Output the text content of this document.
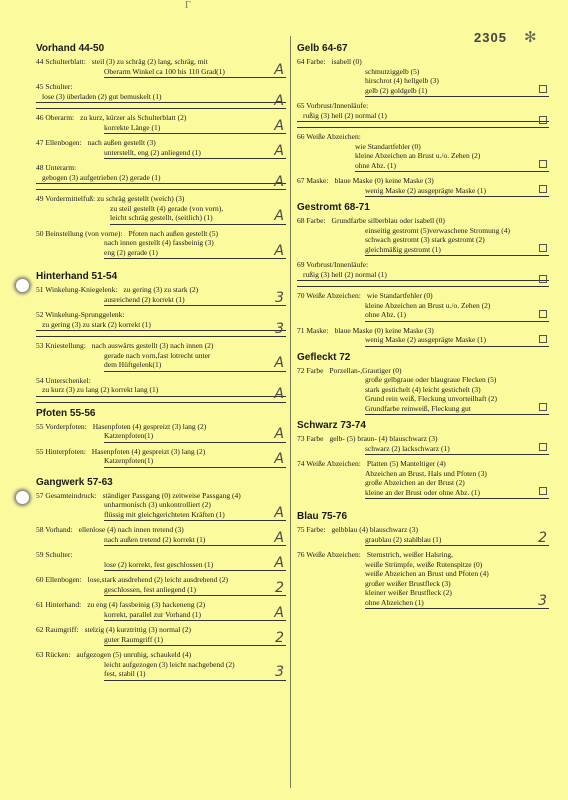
Γ
2305 ✻
Vorhand 44-50
44 Schulterblatt: steil (3) zu schräg (2) lang, schräg, mit
Oberarm Winkel ca 100 bis 110 Grad(1)	A
45 Schulter:
lose (3) überladen (2) gut bemuskelt (1)	A
46 Oberarm: zu kurz, kürzer als Schulterblatt (2)
korrekte Länge (1)	A
47 Ellenbogen: nach außen gestellt (3)
unterstellt, eng (2) anliegend (1)	A
48 Unterarm:
gebogen (3) aufgetrieben (2) gerade (1)	A
49 Vordermittelfuß: zu schräg gestellt (weich) (3)
zu steil gestellt (4) gerade (von vorn),
leicht schräg gestellt, (seitlich) (1)	A
50 Beinstellung (von vorne): Pfoten nach außen gestellt (5)
nach innen gestellt (4) fassbeinig (3)
eng (2) gerade (1)	A
Hinterhand 51-54
51 Winkelung-Kniegelenk: zu gering (3) zu stark (2)
ausreichend (2) korrekt (1)	3
52 Winkelung-Sprunggelenk:
zu gering (3) zu stark (2) korrekt (1)	3
53 Kniestellung: nach auswärts gestellt (3) nach innen (2)
gerade nach vorn,fast lotrecht unter
dem Hüftgelenk(1)	A
54 Unterschenkel:
zu kurz (3) zu lang (2) korrekt lang (1)	A
Pfoten 55-56
55 Vorderpfoten: Hasenpfoten (4) gespreizt (3) lang (2)
Katzenpfoten(1)	A
55 Hinterpfoten: Hasenpfoten (4) gespreizt (3) lang (2)
Katzenpfoten(1)	A
Gangwerk 57-63
57 Gesamteindruck: ständiger Passgang (0) zeitweise Passgang (4)
unharmonisch (3) unkontrolliert (2)
flüssig mit gleichgerichteten Kräften (1)	A
58 Vorhand: ellenlose (4) nach innen tretend (3)
nach außen tretend (2) korrekt (1)	A
59 Schulter:
lose (2) korrekt, fest geschlossen (1)	A
60 Ellenbogen: lose,stark ausdrehend (2) leicht ausdrehend (2)
geschlossen, fest anliegend (1)	2
61 Hinterhand: zu eng (4) fassbeinig (3) hackeneng (2)
korrekt, parallel zur Vorhand (1)	A
62 Raumgriff: stelzig (4) kurztrittig (3) normal (2)
guter Raumgriff (1)	2
63 Rücken: aufgezogen (5) unruhig, schaukeld (4)
leicht aufgezogen (3) leicht nachgebend (2)
fest, stabil (1)	3
Gelb 64-67
64 Farbe: isabell (0)
schmutziggelb (5)
hirschrot (4) hellgelb (3)
gelb (2) goldgelb (1)
65 Vorbrust/Innenläufe:
rußig (3) hell (2) normal (1)
66 Weiße Abzeichen:
wie Standartfehler (0)
kleine Abzeichen an Brust u./o. Zehen (2)
ohne Abz. (1)
67 Maske: blaue Maske (0) keine Maske (3)
wenig Maske (2) ausgeprägte Maske (1)
Gestromt 68-71
68 Farbe: Grundfarbe silberblau oder isabell (0)
einseitig gestromt (5)verwaschene Stromung (4)
schwach gestromt (3) stark gestromt (2)
gleichmäßig gestromt (1)
69 Vorbrust/Innenläufe:
rußig (3) hell (2) normal (1)
70 Weiße Abzeichen: wie Standartfehler (0)
kleine Abzeichen an Brust u./o. Zehen (2)
ohne Abz. (1)
71 Maske: blaue Maske (0) keine Maske (3)
wenig Maske (2) ausgeprägte Maske (1)
Gefleckt 72
72 Farbe Porzellan-,Grautiger (0)
große gelbgraue oder blaugraue Flecken (5)
stark gestichelt (4) leicht gestichelt (3)
Grund rein weiß, Fleckung unvorteilhaft (2)
Grundfarbe reinweiß, Fleckung gut
Schwarz 73-74
73 Farbe gelb- (5) braun- (4) blauschwarz (3)
schwarz (2) lackschwarz (1)
74 Weiße Abzeichen: Platten (5) Manteltiger (4)
Abzeichen an Brust, Hals und Pfoten (3)
große Abzeichen an der Brust (2)
kleine an der Brust oder ohne Abz. (1)
Blau 75-76
75 Farbe: gelbblau (4) blauschwarz (3)
graublau (2) stahlblau (1)	2
76 Weiße Abzeichen: Sternstrich, weißer Halsring,
weiße Strümpfe, weiße Rutenspitze (0)
weiße Abzeichen an Brust und Pfoten (4)
großer weißer Brustfleck (3)
kleiner weißer Brustfleck (2)
ohne Abzeichen (1)	3
